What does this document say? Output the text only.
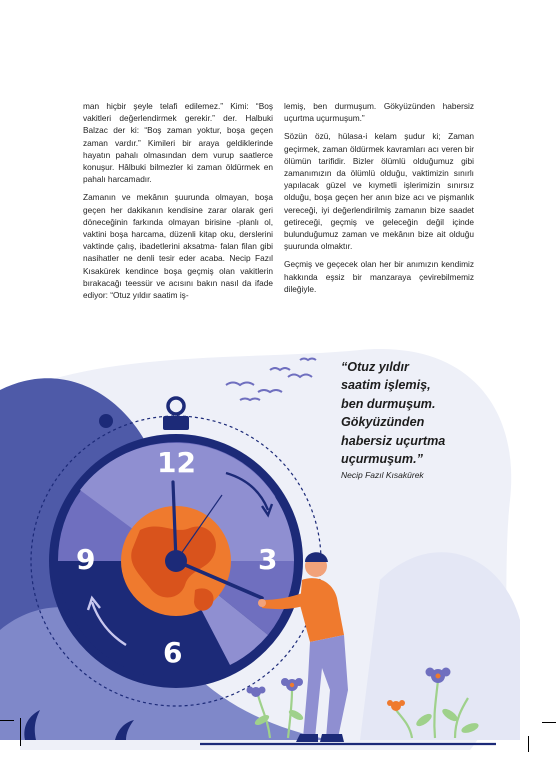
man hiçbir şeyle telafi edilemez.” Kimi: “Boş vakitleri değerlendirmek gerekir.” der. Halbuki Balzac der ki: “Boş zaman yoktur, boşa geçen zaman vardır.” Kimileri bir araya geldiklerinde hayatın pahalı olmasından dem vurup saatlerce konuşur. Hâlbuki bilmezler ki zaman öldürmek en pahalı harcamadır.

Zamanın ve mekânın şuurunda olmayan, boşa geçen her dakikanın kendisine zarar olarak geri döneceğinin farkında olmayan birisine -planlı ol, vaktini boşa harcama, düzenli kitap oku, derslerini vaktinde çalış, ibadetlerini aksatma- falan filan gibi nasihatler ne denli tesir eder acaba. Necip Fazıl Kısakürek kendince boşa geçmiş olan vakitlerin bırakacağı teessür ve acısını bakın nasıl da ifade ediyor: “Otuz yıldır saatim iş-

lemiş, ben durmuşum. Gökyüzünden habersiz uçurtma uçurmuşum.”

Sözün özü, hülasa-i kelam şudur ki; Zaman geçirmek, zaman öldürmek kavramları acı veren bir ölümün tarifidir. Bizler ölümlü olduğumuz gibi zamanımızın da ölümlü olduğu, vaktimizin sınırlı yapılacak güzel ve kıymetli işlerimizin sınırsız olduğu, boşa geçen her anın bize acı ve pişmanlık vereceği, iyi değerlendirilmiş zamanın bize saadet getireceği, geçmiş ve geleceğin değil içinde bulunduğumuz zaman ve mekânın bize ait olduğu şuurunda olmaktır.

Geçmiş ve geçecek olan her bir anımızın kendimiz hakkında eşsiz bir manzaraya çevirebilmemiz dileğiyle.

12
3
6
9
“Otuz yıldır
saatim işlemiş,
ben durmuşum.
Gökyüzünden
habersiz uçurtma
uçurmuşum.”
Necip Fazıl Kısakürek
